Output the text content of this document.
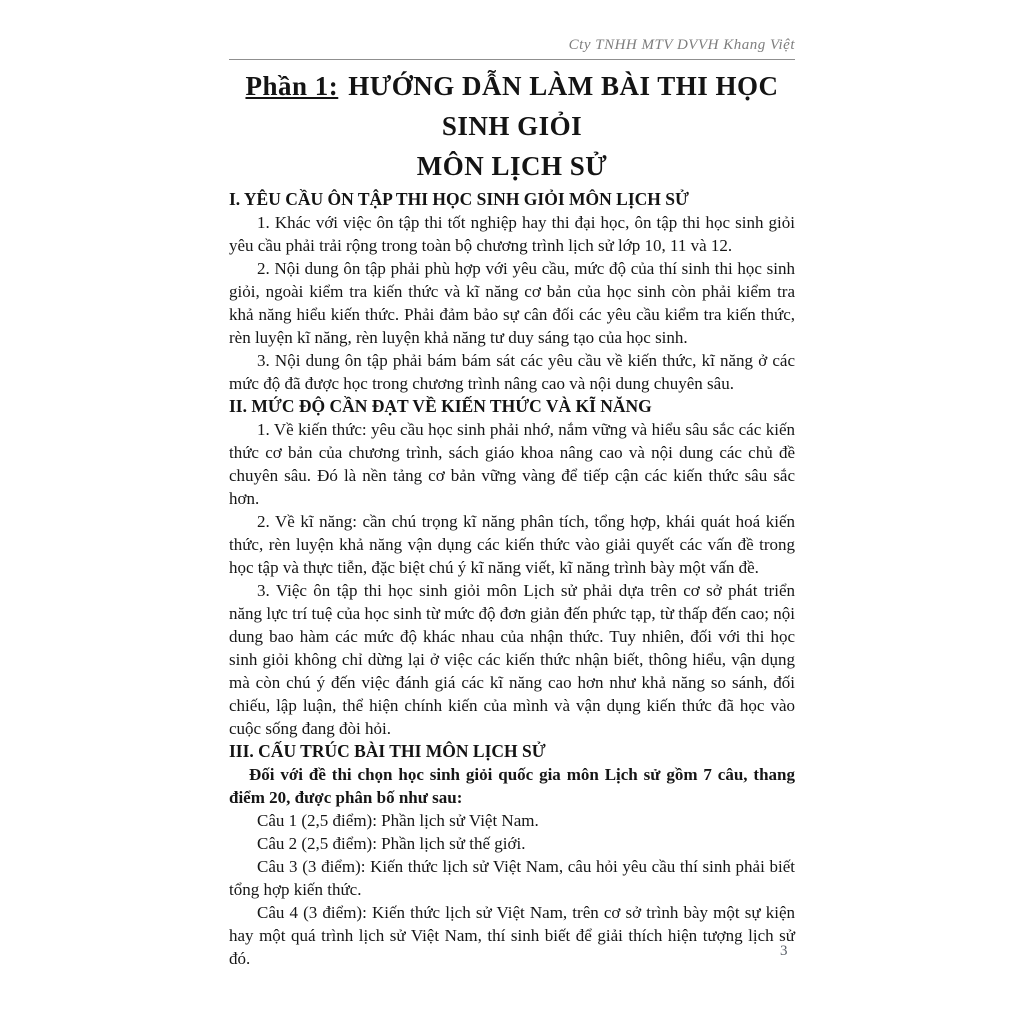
Cty TNHH MTV DVVH Khang Việt
Phần 1: HƯỚNG DẪN LÀM BÀI THI HỌC SINH GIỎI
MÔN LỊCH SỬ
I. YÊU CẦU ÔN TẬP THI HỌC SINH GIỎI MÔN LỊCH SỬ

1. Khác với việc ôn tập thi tốt nghiệp hay thi đại học, ôn tập thi học sinh giỏi yêu cầu phải trải rộng trong toàn bộ chương trình lịch sử lớp 10, 11 và 12.

2. Nội dung ôn tập phải phù hợp với yêu cầu, mức độ của thí sinh thi học sinh giỏi, ngoài kiểm tra kiến thức và kĩ năng cơ bản của học sinh còn phải kiểm tra khả năng hiểu kiến thức. Phải đảm bảo sự cân đối các yêu cầu kiểm tra kiến thức, rèn luyện kĩ năng, rèn luyện khả năng tư duy sáng tạo của học sinh.

3. Nội dung ôn tập phải bám bám sát các yêu cầu về kiến thức, kĩ năng ở các mức độ đã được học trong chương trình nâng cao và nội dung chuyên sâu.

II. MỨC ĐỘ CẦN ĐẠT VỀ KIẾN THỨC VÀ KĨ NĂNG

1. Về kiến thức: yêu cầu học sinh phải nhớ, nắm vững và hiểu sâu sắc các kiến thức cơ bản của chương trình, sách giáo khoa nâng cao và nội dung các chủ đề chuyên sâu. Đó là nền tảng cơ bản vững vàng để tiếp cận các kiến thức sâu sắc hơn.

2. Về kĩ năng: cần chú trọng kĩ năng phân tích, tổng hợp, khái quát hoá kiến thức, rèn luyện khả năng vận dụng các kiến thức vào giải quyết các vấn đề trong học tập và thực tiễn, đặc biệt chú ý kĩ năng viết, kĩ năng trình bày một vấn đề.

3. Việc ôn tập thi học sinh giỏi môn Lịch sử phải dựa trên cơ sở phát triển năng lực trí tuệ của học sinh từ mức độ đơn giản đến phức tạp, từ thấp đến cao; nội dung bao hàm các mức độ khác nhau của nhận thức. Tuy nhiên, đối với thi học sinh giỏi không chỉ dừng lại ở việc các kiến thức nhận biết, thông hiểu, vận dụng mà còn chú ý đến việc đánh giá các kĩ năng cao hơn như khả năng so sánh, đối chiếu, lập luận, thể hiện chính kiến của mình và vận dụng kiến thức đã học vào cuộc sống đang đòi hỏi.

III. CẤU TRÚC BÀI THI MÔN LỊCH SỬ

Đối với đề thi chọn học sinh giỏi quốc gia môn Lịch sử gồm 7 câu, thang điểm 20, được phân bố như sau:

Câu 1 (2,5 điểm): Phần lịch sử Việt Nam.

Câu 2 (2,5 điểm): Phần lịch sử thế giới.

Câu 3 (3 điểm): Kiến thức lịch sử Việt Nam, câu hỏi yêu cầu thí sinh phải biết tổng hợp kiến thức.

Câu 4 (3 điểm): Kiến thức lịch sử Việt Nam, trên cơ sở trình bày một sự kiện hay một quá trình lịch sử Việt Nam, thí sinh biết để giải thích hiện tượng lịch sử đó.	3
